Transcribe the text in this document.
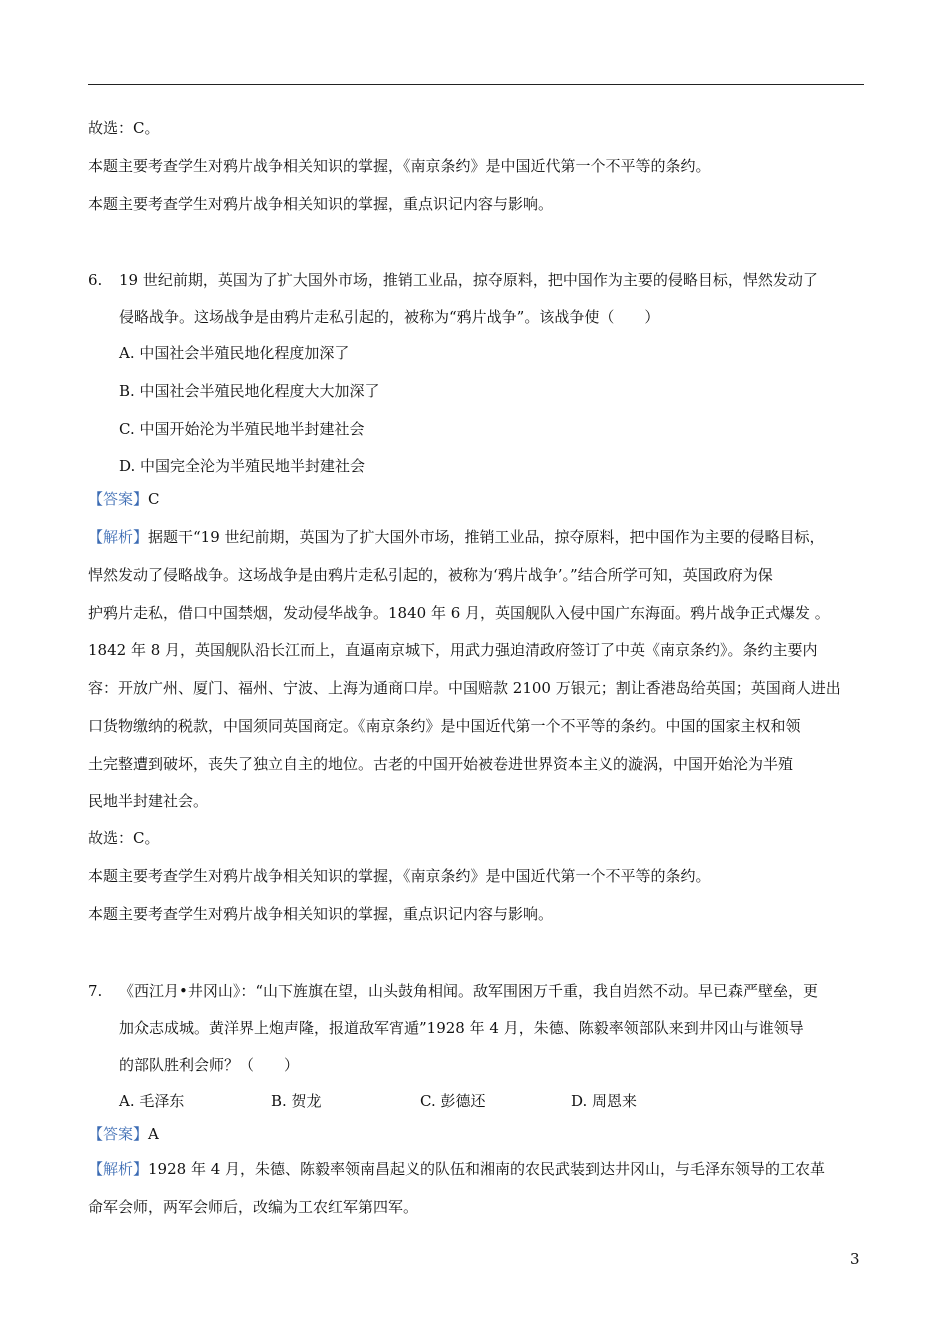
故选：C。
本题主要考查学生对鸦片战争相关知识的掌握，《南京条约》是中国近代第一个不平等的条约。
本题主要考查学生对鸦片战争相关知识的掌握，重点识记内容与影响。
6. 19 世纪前期，英国为了扩大国外市场，推销工业品，掠夺原料，把中国作为主要的侵略目标，悍然发动了
侵略战争。这场战争是由鸦片走私引起的，被称为“鸦片战争”。该战争使（　　）
A. 中国社会半殖民地化程度加深了
B. 中国社会半殖民地化程度大大加深了
C. 中国开始沦为半殖民地半封建社会
D. 中国完全沦为半殖民地半封建社会
【答案】C
【解析】据题干“19 世纪前期，英国为了扩大国外市场，推销工业品，掠夺原料，把中国作为主要的侵略目标，
悍然发动了侵略战争。这场战争是由鸦片走私引起的，被称为‘鸦片战争’。”结合所学可知，英国政府为保
护鸦片走私，借口中国禁烟，发动侵华战争。1840 年 6 月，英国舰队入侵中国广东海面。鸦片战争正式爆发 。
1842 年 8 月，英国舰队沿长江而上，直逼南京城下，用武力强迫清政府签订了中英《南京条约》。条约主要内
容：开放广州、厦门、福州、宁波、上海为通商口岸。中国赔款 2100 万银元；割让香港岛给英国；英国商人进出
口货物缴纳的税款，中国须同英国商定。《南京条约》是中国近代第一个不平等的条约。中国的国家主权和领
土完整遭到破坏，丧失了独立自主的地位。古老的中国开始被卷进世界资本主义的漩涡，中国开始沦为半殖
民地半封建社会。
故选：C。
本题主要考查学生对鸦片战争相关知识的掌握，《南京条约》是中国近代第一个不平等的条约。
本题主要考查学生对鸦片战争相关知识的掌握，重点识记内容与影响。
7. 《西江月•井冈山》：“山下旌旗在望，山头鼓角相闻。敌军围困万千重，我自岿然不动。早已森严壁垒，更
加众志成城。黄洋界上炮声隆，报道敌军宵遁”1928 年 4 月，朱德、陈毅率领部队来到井冈山与谁领导
的部队胜利会师？（　　）
A. 毛泽东	B. 贺龙	C. 彭德还	D. 周恩来
【答案】A
【解析】1928 年 4 月，朱德、陈毅率领南昌起义的队伍和湘南的农民武装到达井冈山，与毛泽东领导的工农革
命军会师，两军会师后，改编为工农红军第四军。
3
